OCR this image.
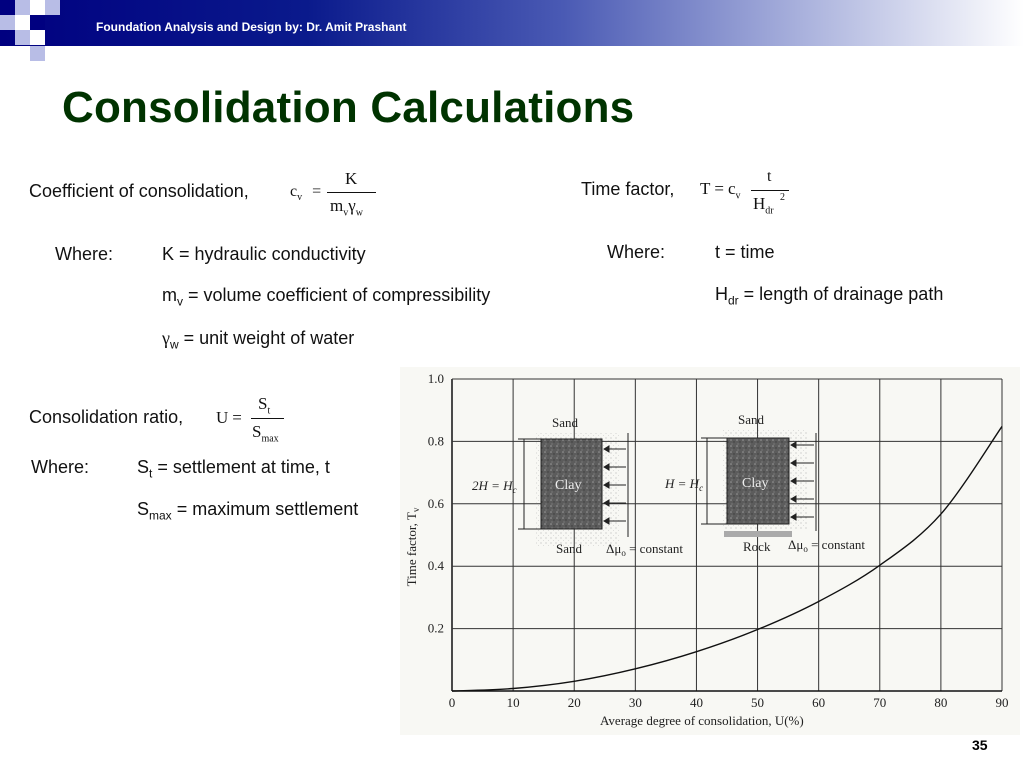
Foundation Analysis and Design by: Dr. Amit Prashant
Consolidation Calculations
Coefficient of consolidation,	$c_v$ =
K
$m_v\gamma_w$
Where:	K = hydraulic conductivity
$m_v$ = volume coefficient of compressibility
$\gamma_w$ = unit weight of water
Time factor, $T = c_v$
t
$H_{dr}$
2
Where:	t = time
$H_{dr}$ = length of drainage path
Consolidation ratio, U =
$S_t$
$S_{max}$
Where:	$S_t$ = settlement at time, t
$S_{max}$ = maximum settlement
0	10	20	30	40	50	60	70	80	90
0.2
0.4
0.6
0.8
1.0
Sand
Clay
Sand
$2H = H_c$
$\Delta\mu_o$ = constant
Sand
Clay
Rock
$H = H_c$
$\Delta\mu_o$ = constant
Average degree of consolidation, U(%)
Time factor, $T_v$
35
